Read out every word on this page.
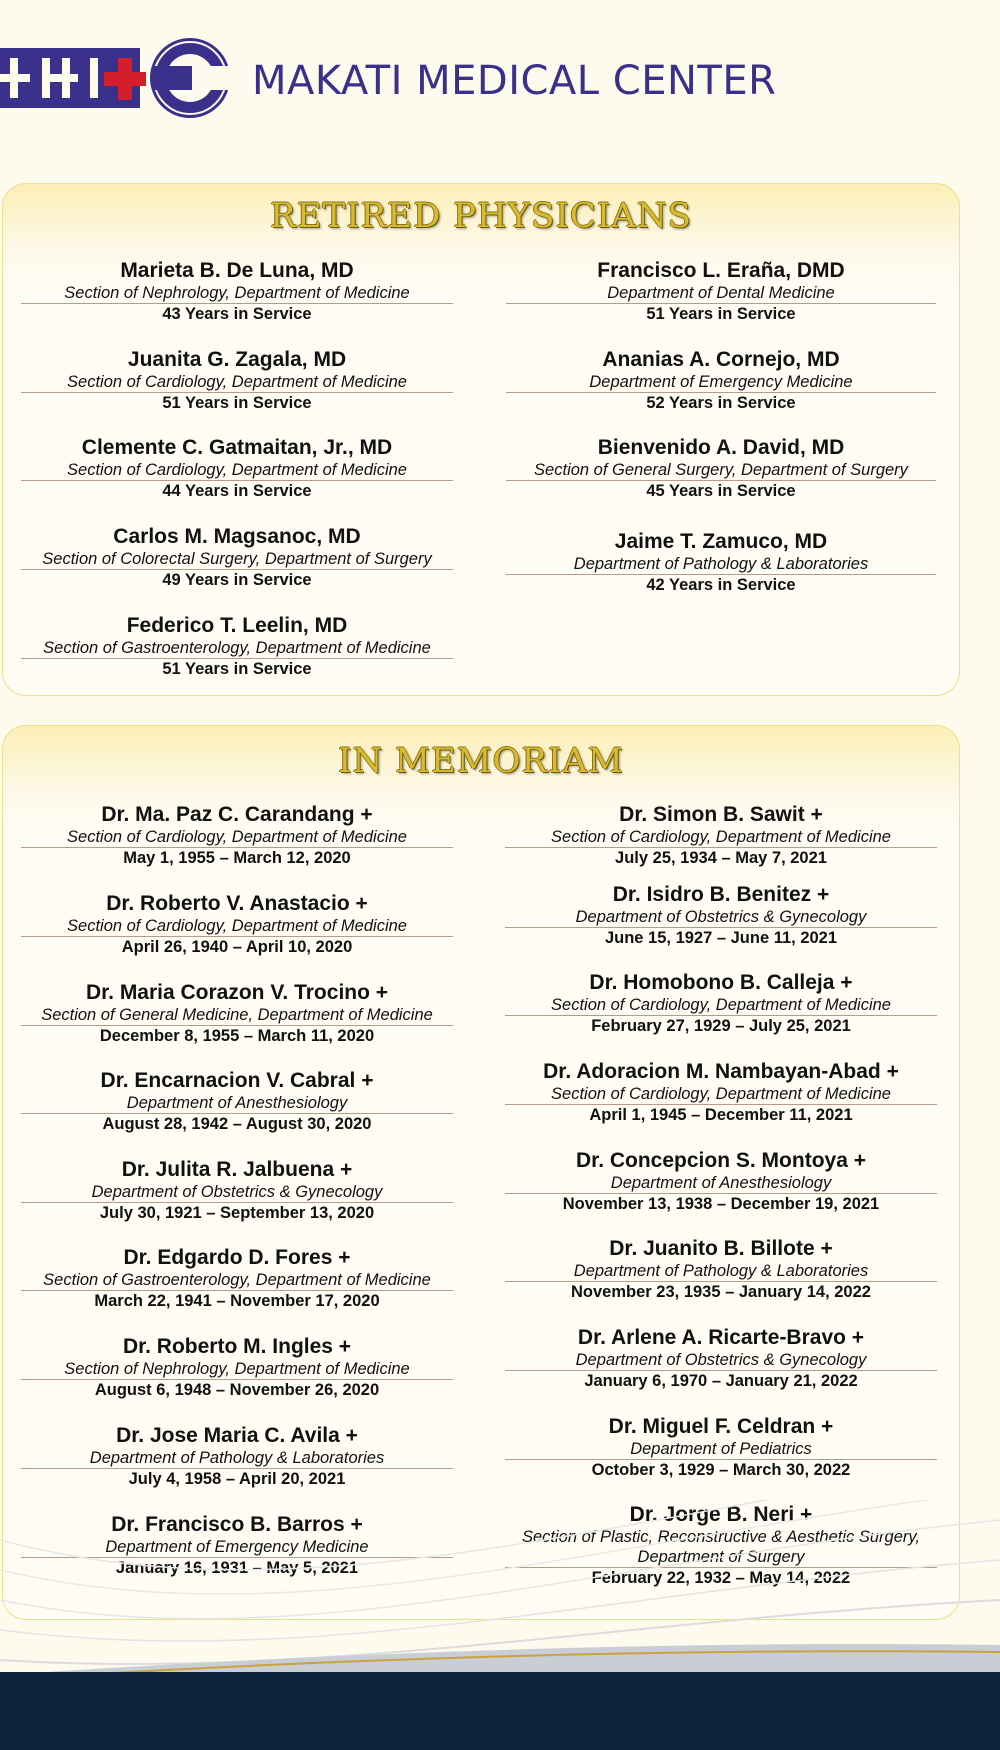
MAKATI MEDICAL CENTER
RETIRED PHYSICIANS
Marieta B. De Luna, MD
Section of Nephrology, Department of Medicine
43 Years in Service
Juanita G. Zagala, MD
Section of Cardiology, Department of Medicine
51 Years in Service
Clemente C. Gatmaitan, Jr., MD
Section of Cardiology, Department of Medicine
44 Years in Service
Carlos M. Magsanoc, MD
Section of Colorectal Surgery, Department of Surgery
49 Years in Service
Federico T. Leelin, MD
Section of Gastroenterology, Department of Medicine
51 Years in Service
Francisco L. Eraña, DMD
Department of Dental Medicine
51 Years in Service
Ananias A. Cornejo, MD
Department of Emergency Medicine
52 Years in Service
Bienvenido A. David, MD
Section of General Surgery, Department of Surgery
45 Years in Service
Jaime T. Zamuco, MD
Department of Pathology & Laboratories
42 Years in Service
IN MEMORIAM
Dr. Ma. Paz C. Carandang +
Section of Cardiology, Department of Medicine
May 1, 1955 – March 12, 2020
Dr. Roberto V. Anastacio +
Section of Cardiology, Department of Medicine
April 26, 1940 – April 10, 2020
Dr. Maria Corazon V. Trocino +
Section of General Medicine, Department of Medicine
December 8, 1955 – March 11, 2020
Dr. Encarnacion V. Cabral +
Department of Anesthesiology
August 28, 1942 – August 30, 2020
Dr. Julita R. Jalbuena +
Department of Obstetrics & Gynecology
July 30, 1921 – September 13, 2020
Dr. Edgardo D. Fores +
Section of Gastroenterology, Department of Medicine
March 22, 1941 – November 17, 2020
Dr. Roberto M. Ingles +
Section of Nephrology, Department of Medicine
August 6, 1948 – November 26, 2020
Dr. Jose Maria C. Avila +
Department of Pathology & Laboratories
July 4, 1958 – April 20, 2021
Dr. Francisco B. Barros +
Department of Emergency Medicine
January 16, 1931 – May 5, 2021
Dr. Simon B. Sawit +
Section of Cardiology, Department of Medicine
July 25, 1934 – May 7, 2021
Dr. Isidro B. Benitez +
Department of Obstetrics & Gynecology
June 15, 1927 – June 11, 2021
Dr. Homobono B. Calleja +
Section of Cardiology, Department of Medicine
February 27, 1929 – July 25, 2021
Dr. Adoracion M. Nambayan-Abad +
Section of Cardiology, Department of Medicine
April 1, 1945 – December 11, 2021
Dr. Concepcion S. Montoya +
Department of Anesthesiology
November 13, 1938 – December 19, 2021
Dr. Juanito B. Billote +
Department of Pathology & Laboratories
November 23, 1935 – January 14, 2022
Dr. Arlene A. Ricarte-Bravo +
Department of Obstetrics & Gynecology
January 6, 1970 – January 21, 2022
Dr. Miguel F. Celdran +
Department of Pediatrics
October 3, 1929 – March 30, 2022
Dr. Jorge B. Neri +
Section of Plastic, Reconstructive & Aesthetic Surgery, Department of Surgery
February 22, 1932 – May 14, 2022
